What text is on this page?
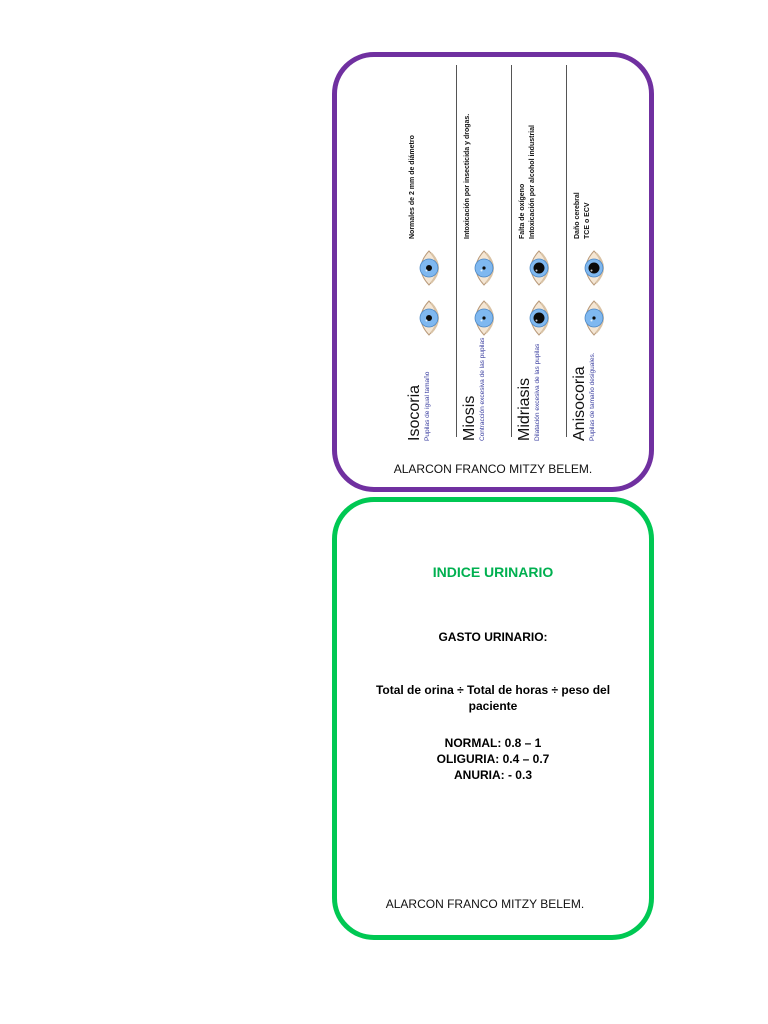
Isocoria Pupilas de igual tamaño
Normales de 2 mm de diámetro
Miosis Contracción excesiva de las pupilas
Intoxicación por insecticida y drogas.
Midriasis Dilatación excesiva de las pupilas
Falta de oxígeno Intoxicación por alcohol industrial
Anisocoria Pupilas de tamaño desiguales.
Daño cerebral TCE o ECV
ALARCON FRANCO MITZY BELEM.
INDICE URINARIO
GASTO URINARIO:
Total de orina ÷ Total de horas ÷ peso del paciente
NORMAL: 0.8 – 1
OLIGURIA: 0.4 – 0.7
ANURIA: - 0.3
ALARCON FRANCO MITZY BELEM.
